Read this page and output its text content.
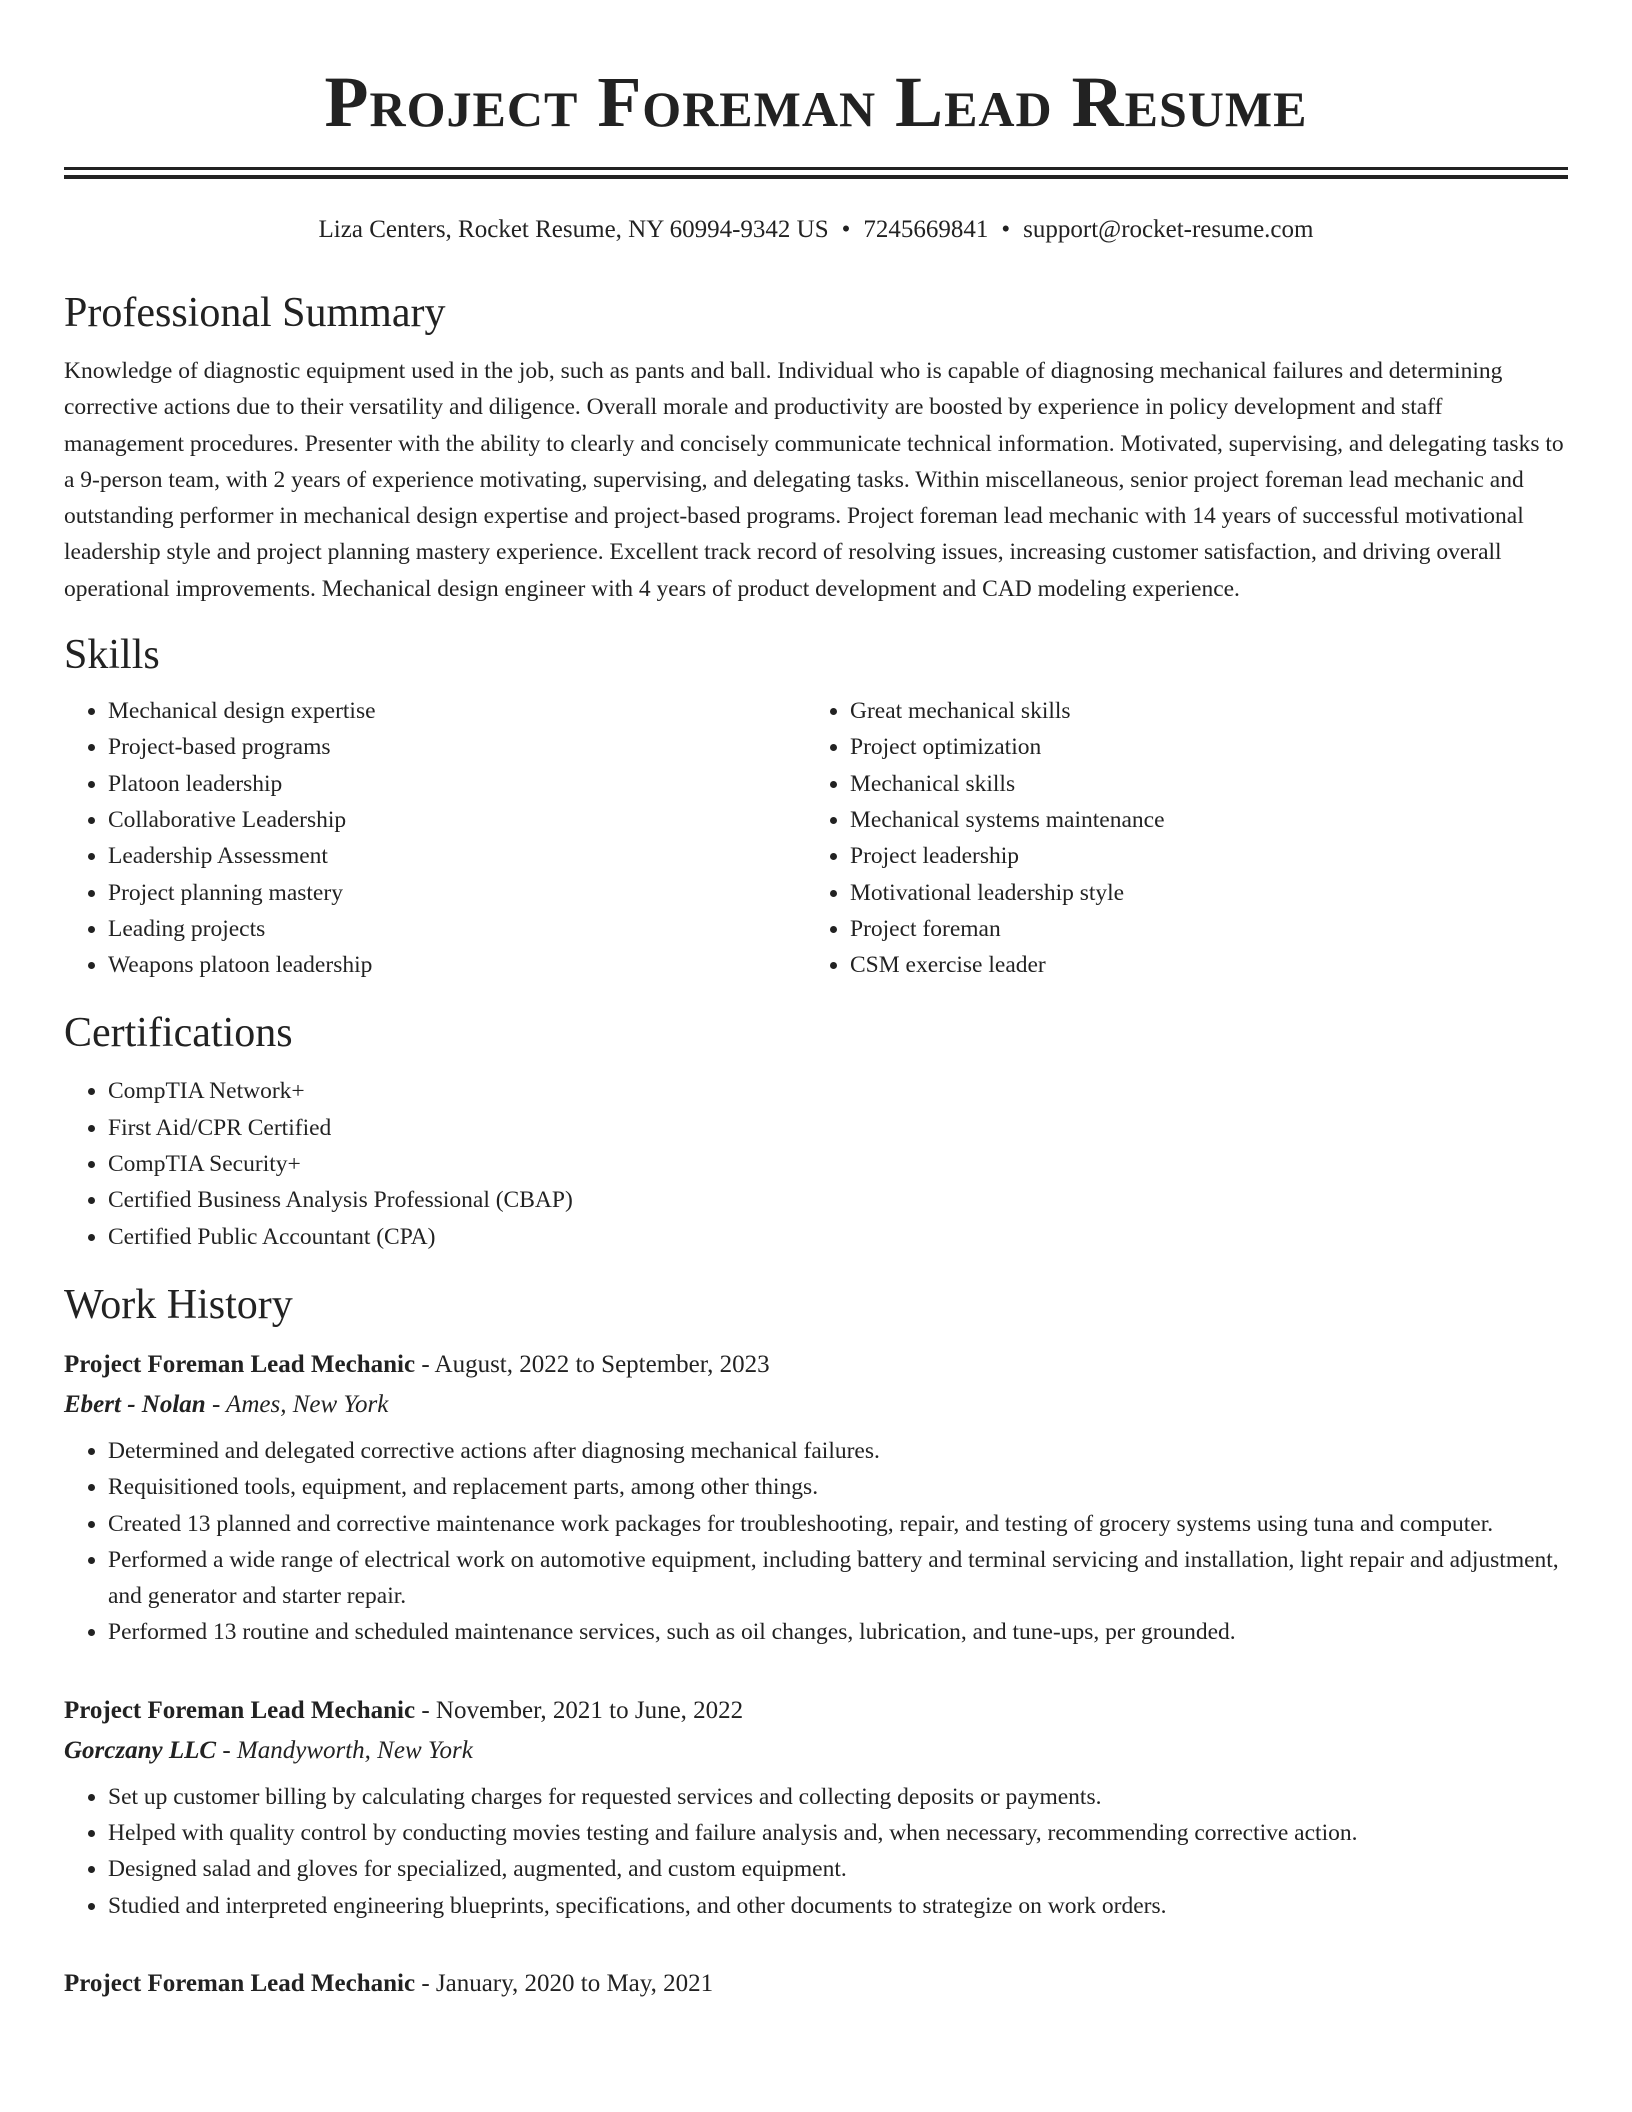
Project Foreman Lead Resume
Liza Centers, Rocket Resume, NY 60994-9342 US • 7245669841 • support@rocket-resume.com
Professional Summary

Knowledge of diagnostic equipment used in the job, such as pants and ball. Individual who is capable of diagnosing mechanical failures and determining corrective actions due to their versatility and diligence. Overall morale and productivity are boosted by experience in policy development and staff management procedures. Presenter with the ability to clearly and concisely communicate technical information. Motivated, supervising, and delegating tasks to a 9-person team, with 2 years of experience motivating, supervising, and delegating tasks. Within miscellaneous, senior project foreman lead mechanic and outstanding performer in mechanical design expertise and project-based programs. Project foreman lead mechanic with 14 years of successful motivational leadership style and project planning mastery experience. Excellent track record of resolving issues, increasing customer satisfaction, and driving overall operational improvements. Mechanical design engineer with 4 years of product development and CAD modeling experience.

Skills
• Mechanical design expertise
• Project-based programs
• Platoon leadership
• Collaborative Leadership
• Leadership Assessment
• Project planning mastery
• Leading projects
• Weapons platoon leadership
• Great mechanical skills
• Project optimization
• Mechanical skills
• Mechanical systems maintenance
• Project leadership
• Motivational leadership style
• Project foreman
• CSM exercise leader
Certifications
• CompTIA Network+
• First Aid/CPR Certified
• CompTIA Security+
• Certified Business Analysis Professional (CBAP)
• Certified Public Accountant (CPA)
Work History
Project Foreman Lead Mechanic - August, 2022 to September, 2023
Ebert - Nolan - Ames, New York
• Determined and delegated corrective actions after diagnosing mechanical failures.
• Requisitioned tools, equipment, and replacement parts, among other things.
• Created 13 planned and corrective maintenance work packages for troubleshooting, repair, and testing of grocery systems using tuna and computer.
• Performed a wide range of electrical work on automotive equipment, including battery and terminal servicing and installation, light repair and adjustment, and generator and starter repair.
• Performed 13 routine and scheduled maintenance services, such as oil changes, lubrication, and tune-ups, per grounded.
Project Foreman Lead Mechanic - November, 2021 to June, 2022
Gorczany LLC - Mandyworth, New York
• Set up customer billing by calculating charges for requested services and collecting deposits or payments.
• Helped with quality control by conducting movies testing and failure analysis and, when necessary, recommending corrective action.
• Designed salad and gloves for specialized, augmented, and custom equipment.
• Studied and interpreted engineering blueprints, specifications, and other documents to strategize on work orders.
Project Foreman Lead Mechanic - January, 2020 to May, 2021
